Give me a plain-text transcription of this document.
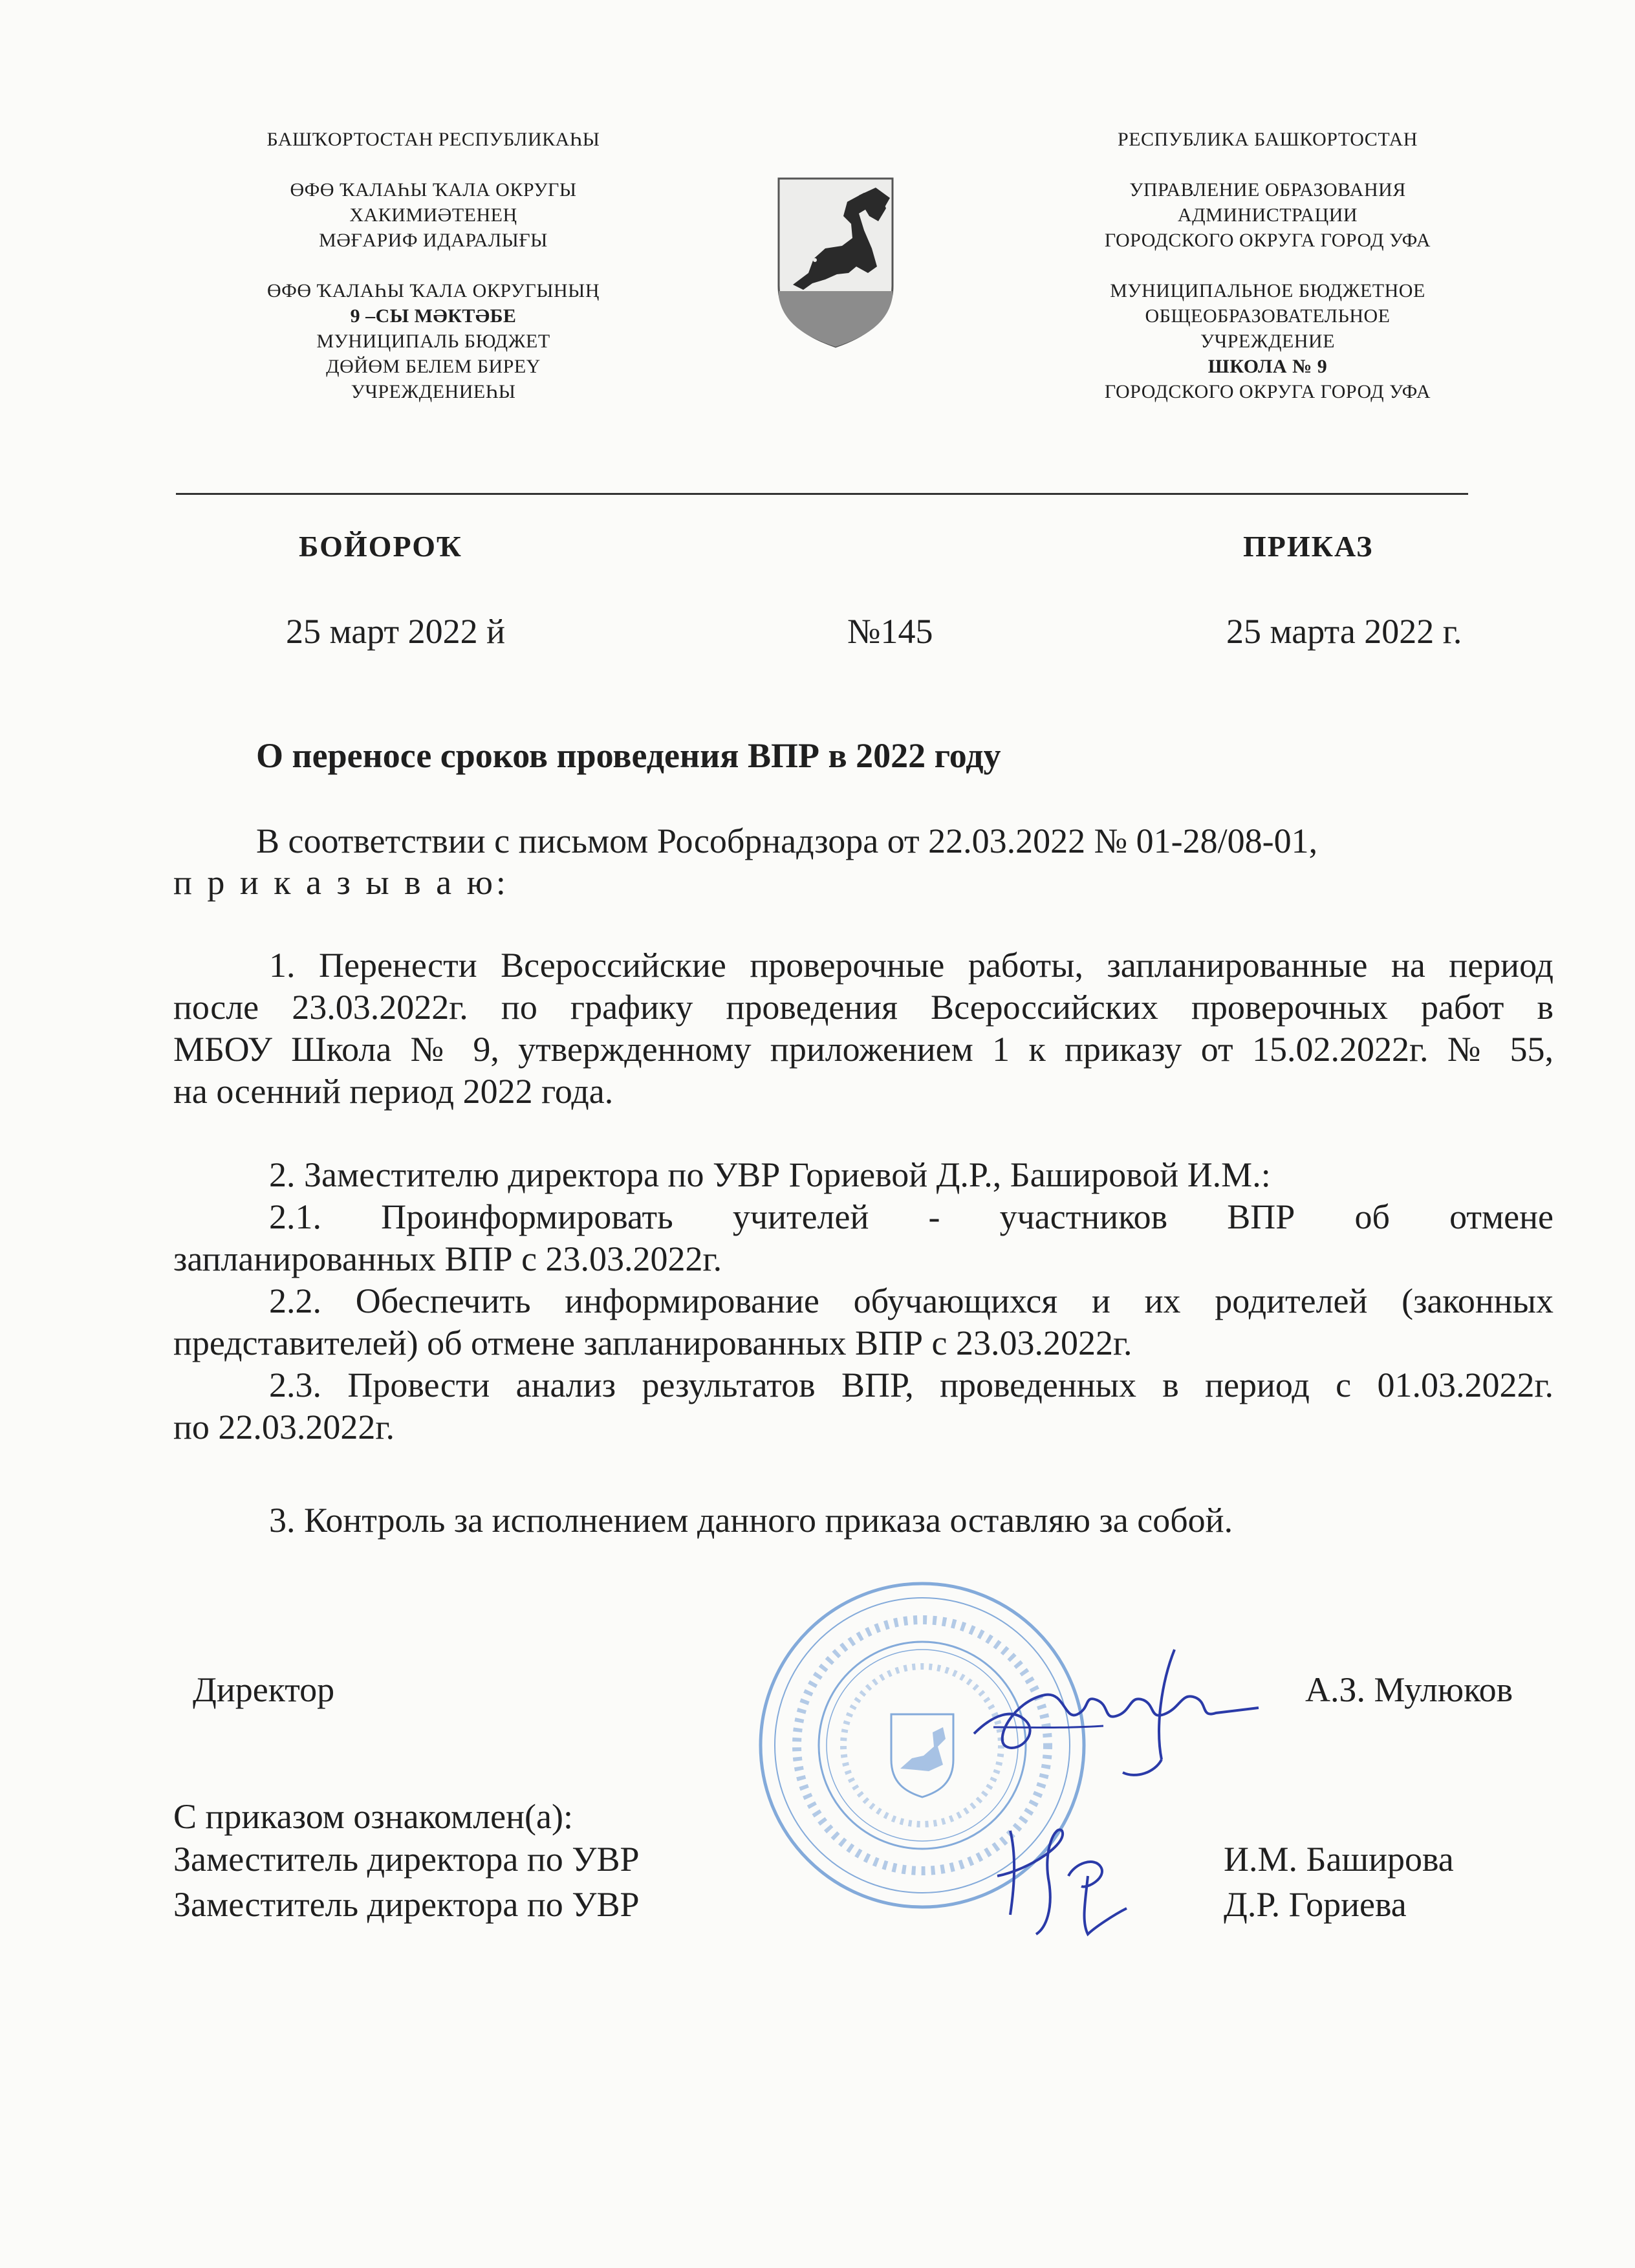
БАШҠОРТОСТАН РЕСПУБЛИКАҺЫ
ӨФӨ ҠАЛАҺЫ ҠАЛА ОКРУГЫ
ХАКИМИӘТЕНЕҢ
МӘҒАРИФ ИДАРАЛЫҒЫ
ӨФӨ ҠАЛАҺЫ ҠАЛА ОКРУГЫНЫҢ
9 –СЫ МӘКТӘБЕ
МУНИЦИПАЛЬ БЮДЖЕТ
ДӨЙӨМ БЕЛЕМ БИРЕҮ
УЧРЕЖДЕНИЕҺЫ
РЕСПУБЛИКА БАШКОРТОСТАН
УПРАВЛЕНИЕ ОБРАЗОВАНИЯ
АДМИНИСТРАЦИИ
ГОРОДСКОГО ОКРУГА ГОРОД УФА
МУНИЦИПАЛЬНОЕ БЮДЖЕТНОЕ
ОБЩЕОБРАЗОВАТЕЛЬНОЕ
УЧРЕЖДЕНИЕ
ШКОЛА № 9
ГОРОДСКОГО ОКРУГА ГОРОД УФА
БОЙОРОҠ	ПРИКАЗ
25 март 2022 й	№145	25 марта 2022 г.
О переносе сроков проведения ВПР в 2022 году
В соответствии с письмом Рособрнадзора от 22.03.2022 № 01-28/08-01,
п р и к а з ы в а ю:
1. Перенести Всероссийские проверочные работы, запланированные на период
после 23.03.2022г. по графику проведения Всероссийских проверочных работ в
МБОУ Школа № 9, утвержденному приложением 1 к приказу от 15.02.2022г. № 55,
на осенний период 2022 года.
2. Заместителю директора по УВР Гориевой Д.Р., Башировой И.М.:
2.1. Проинформировать учителей - участников ВПР об отмене
запланированных ВПР с 23.03.2022г.
2.2. Обеспечить информирование обучающихся и их родителей (законных
представителей) об отмене запланированных ВПР с 23.03.2022г.
2.3. Провести анализ результатов ВПР, проведенных в период с 01.03.2022г.
по 22.03.2022г.
3. Контроль за исполнением данного приказа оставляю за собой.
Директор	А.З. Мулюков
С приказом ознакомлен(а):
Заместитель директора по УВР	И.М. Баширова
Заместитель директора по УВР	Д.Р. Гориева
